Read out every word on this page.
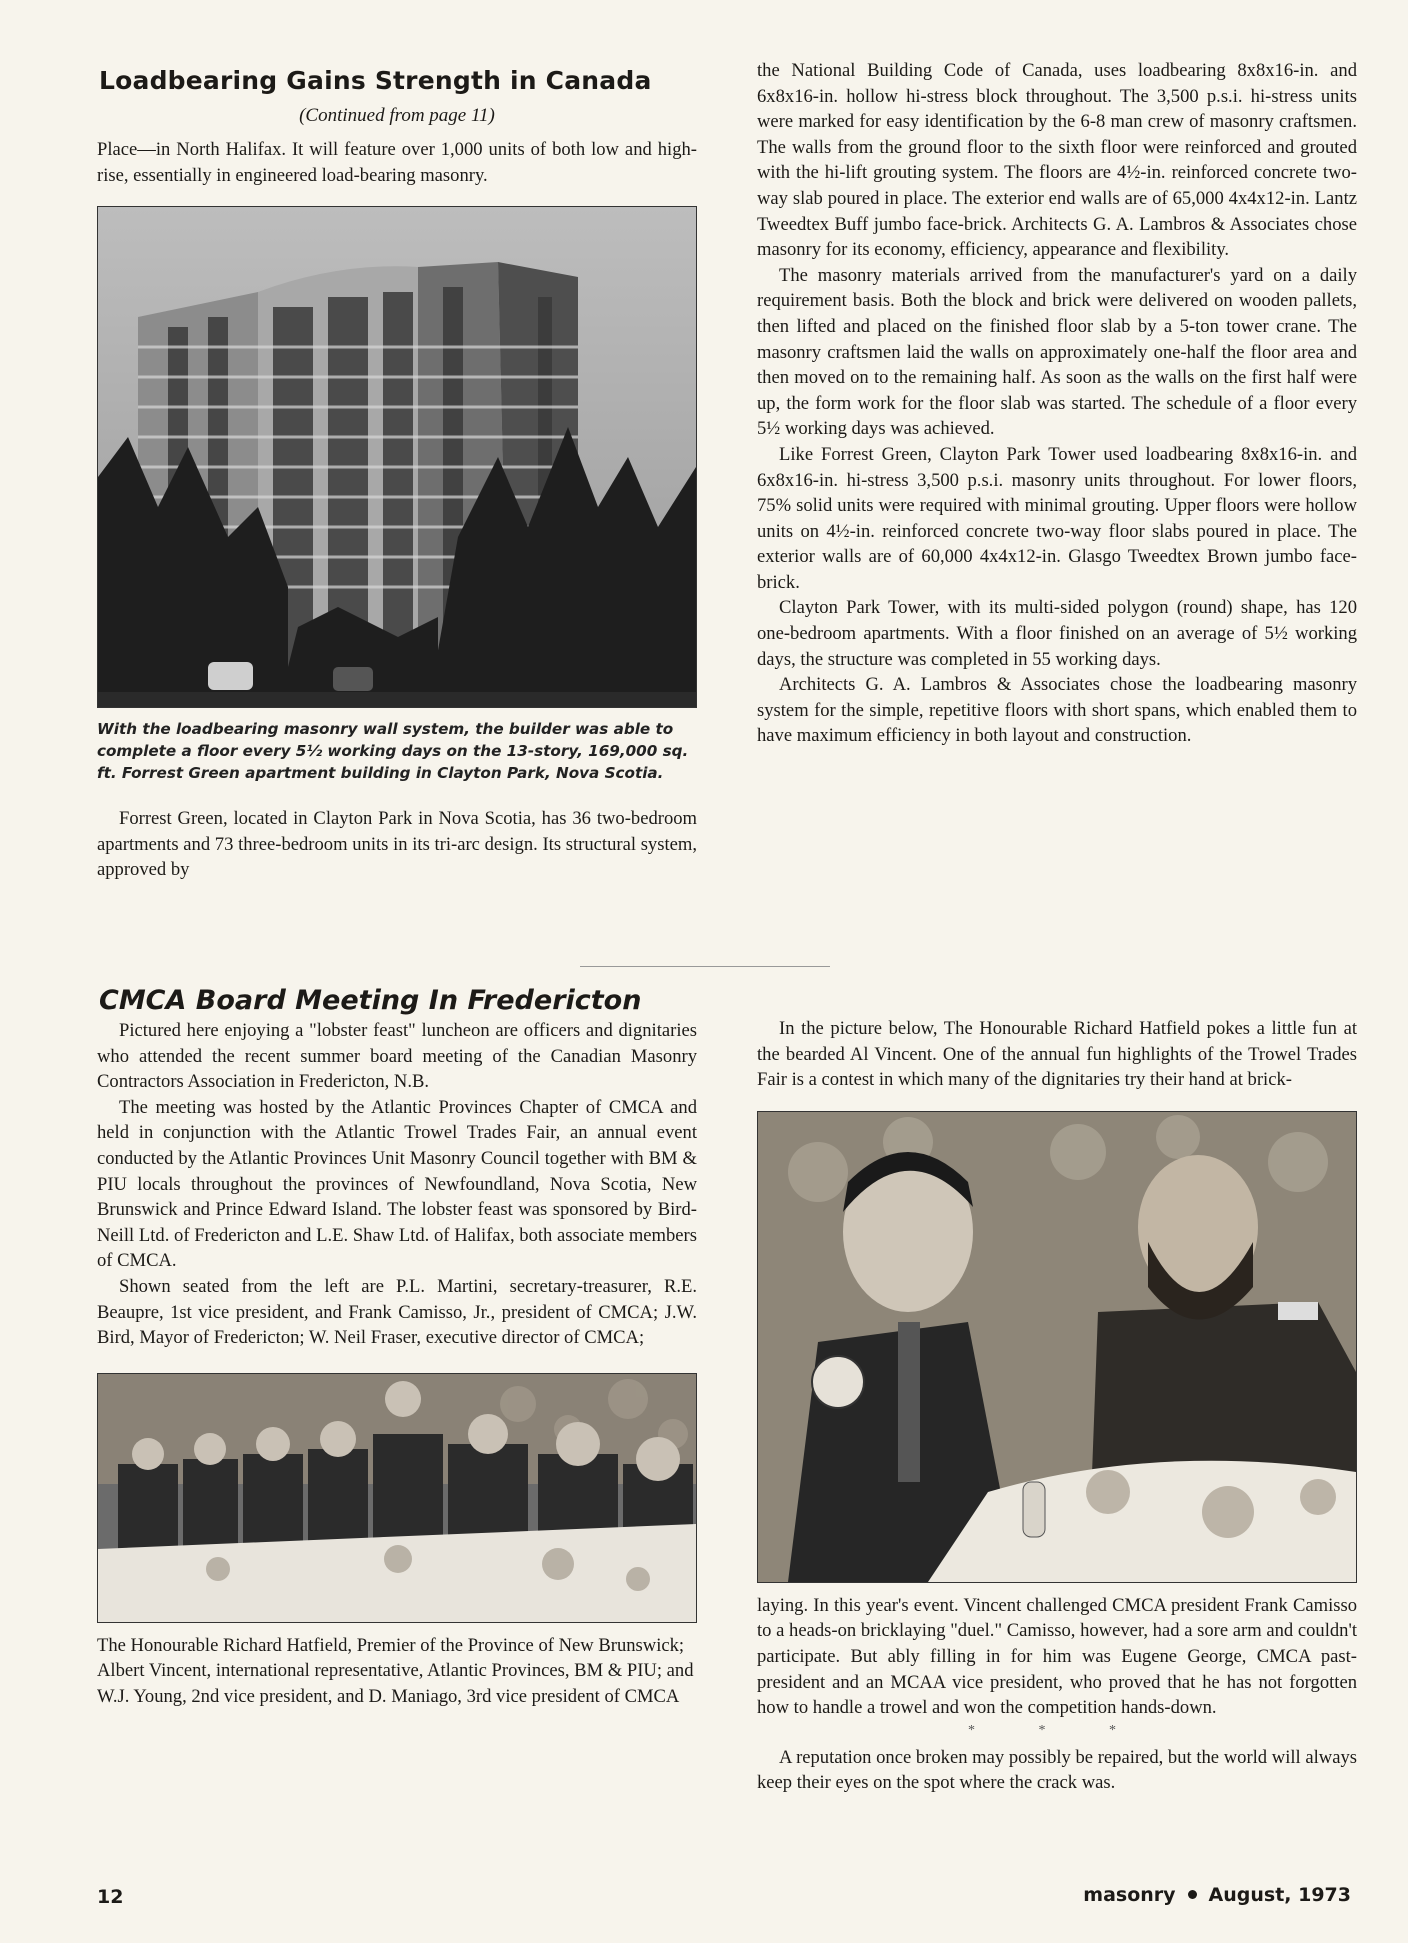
Loadbearing Gains Strength in Canada
(Continued from page 11)

Place—in North Halifax. It will feature over 1,000 units of both low and high-rise, essentially in engineered load-bearing masonry.

With the loadbearing masonry wall system, the builder was able to complete a floor every 5½ working days on the 13-story, 169,000 sq. ft. Forrest Green apartment building in Clayton Park, Nova Scotia.

Forrest Green, located in Clayton Park in Nova Scotia, has 36 two-bedroom apartments and 73 three-bedroom units in its tri-arc design. Its structural system, approved by

the National Building Code of Canada, uses loadbearing 8x8x16-in. and 6x8x16-in. hollow hi-stress block throughout. The 3,500 p.s.i. hi-stress units were marked for easy identification by the 6-8 man crew of masonry craftsmen. The walls from the ground floor to the sixth floor were reinforced and grouted with the hi-lift grouting system. The floors are 4½-in. reinforced concrete two-way slab poured in place. The exterior end walls are of 65,000 4x4x12-in. Lantz Tweedtex Buff jumbo face-brick. Architects G. A. Lambros & Associates chose masonry for its economy, efficiency, appearance and flexibility.

The masonry materials arrived from the manufacturer's yard on a daily requirement basis. Both the block and brick were delivered on wooden pallets, then lifted and placed on the finished floor slab by a 5-ton tower crane. The masonry craftsmen laid the walls on approximately one-half the floor area and then moved on to the remaining half. As soon as the walls on the first half were up, the form work for the floor slab was started. The schedule of a floor every 5½ working days was achieved.

Like Forrest Green, Clayton Park Tower used loadbearing 8x8x16-in. and 6x8x16-in. hi-stress 3,500 p.s.i. masonry units throughout. For lower floors, 75% solid units were required with minimal grouting. Upper floors were hollow units on 4½-in. reinforced concrete two-way floor slabs poured in place. The exterior walls are of 60,000 4x4x12-in. Glasgo Tweedtex Brown jumbo face-brick.

Clayton Park Tower, with its multi-sided polygon (round) shape, has 120 one-bedroom apartments. With a floor finished on an average of 5½ working days, the structure was completed in 55 working days.

Architects G. A. Lambros & Associates chose the loadbearing masonry system for the simple, repetitive floors with short spans, which enabled them to have maximum efficiency in both layout and construction.

CMCA Board Meeting In Fredericton

Pictured here enjoying a "lobster feast" luncheon are officers and dignitaries who attended the recent summer board meeting of the Canadian Masonry Contractors Association in Fredericton, N.B.

The meeting was hosted by the Atlantic Provinces Chapter of CMCA and held in conjunction with the Atlantic Trowel Trades Fair, an annual event conducted by the Atlantic Provinces Unit Masonry Council together with BM & PIU locals throughout the provinces of Newfoundland, Nova Scotia, New Brunswick and Prince Edward Island. The lobster feast was sponsored by Bird-Neill Ltd. of Fredericton and L.E. Shaw Ltd. of Halifax, both associate members of CMCA.

Shown seated from the left are P.L. Martini, secretary-treasurer, R.E. Beaupre, 1st vice president, and Frank Camisso, Jr., president of CMCA; J.W. Bird, Mayor of Fredericton; W. Neil Fraser, executive director of CMCA;

The Honourable Richard Hatfield, Premier of the Province of New Brunswick; Albert Vincent, international representative, Atlantic Provinces, BM & PIU; and W.J. Young, 2nd vice president, and D. Maniago, 3rd vice president of CMCA

In the picture below, The Honourable Richard Hatfield pokes a little fun at the bearded Al Vincent. One of the annual fun highlights of the Trowel Trades Fair is a contest in which many of the dignitaries try their hand at brick-

laying. In this year's event. Vincent challenged CMCA president Frank Camisso to a heads-on bricklaying "duel." Camisso, however, had a sore arm and couldn't participate. But ably filling in for him was Eugene George, CMCA past-president and an MCAA vice president, who proved that he has not forgotten how to handle a trowel and won the competition hands-down.

* * *

A reputation once broken may possibly be repaired, but the world will always keep their eyes on the spot where the crack was.

12	masonry August, 1973
